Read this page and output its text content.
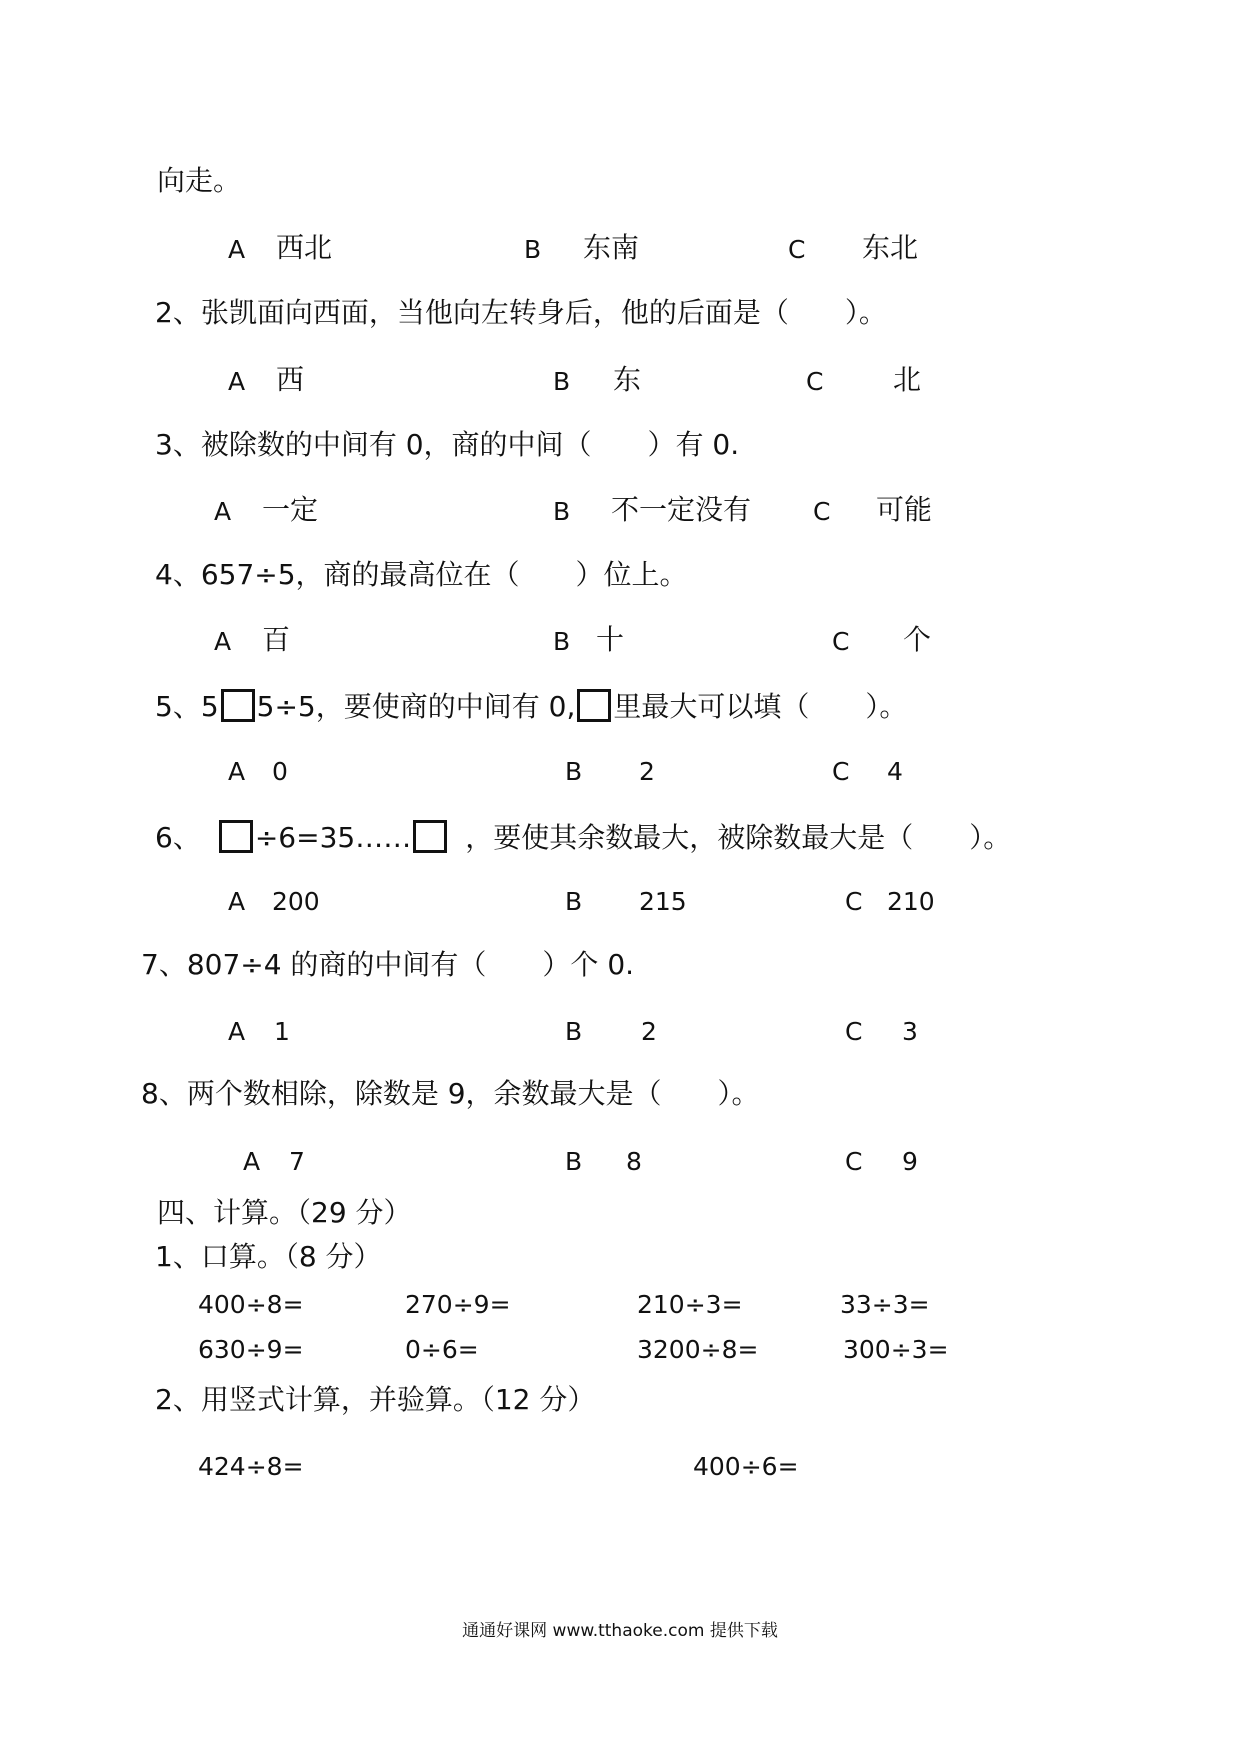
向走。
A 西北	B 东南	C 东北
2、张凯面向西面，当他向左转身后，他的后面是（　　）。
A 西	B 东	C 北
3、被除数的中间有 0，商的中间（　　）有 0.
A 一定	B 不一定没有 C 可能
4、657÷5，商的最高位在（　　）位上。
A 百	B 十	C 个
5、5 5÷5，要使商的中间有 0, 里最大可以填（　　）。
A 0	B 2	C 4
6、 ÷6=35…… ，要使其余数最大，被除数最大是（　　）。
A 200	B 215	C 210
7、807÷4 的商的中间有（　　）个 0.
A 1	B 2	C 3
8、两个数相除，除数是 9，余数最大是（　　）。
A 7	B 8	C 9
四、计算。（29 分）
1、口算。（8 分）
400÷8=	270÷9=	210÷3=	33÷3=
630÷9=	0÷6=	3200÷8=	300÷3=
2、用竖式计算，并验算。（12 分）
424÷8=	400÷6=
通通好课网 www.tthaoke.com 提供下载
